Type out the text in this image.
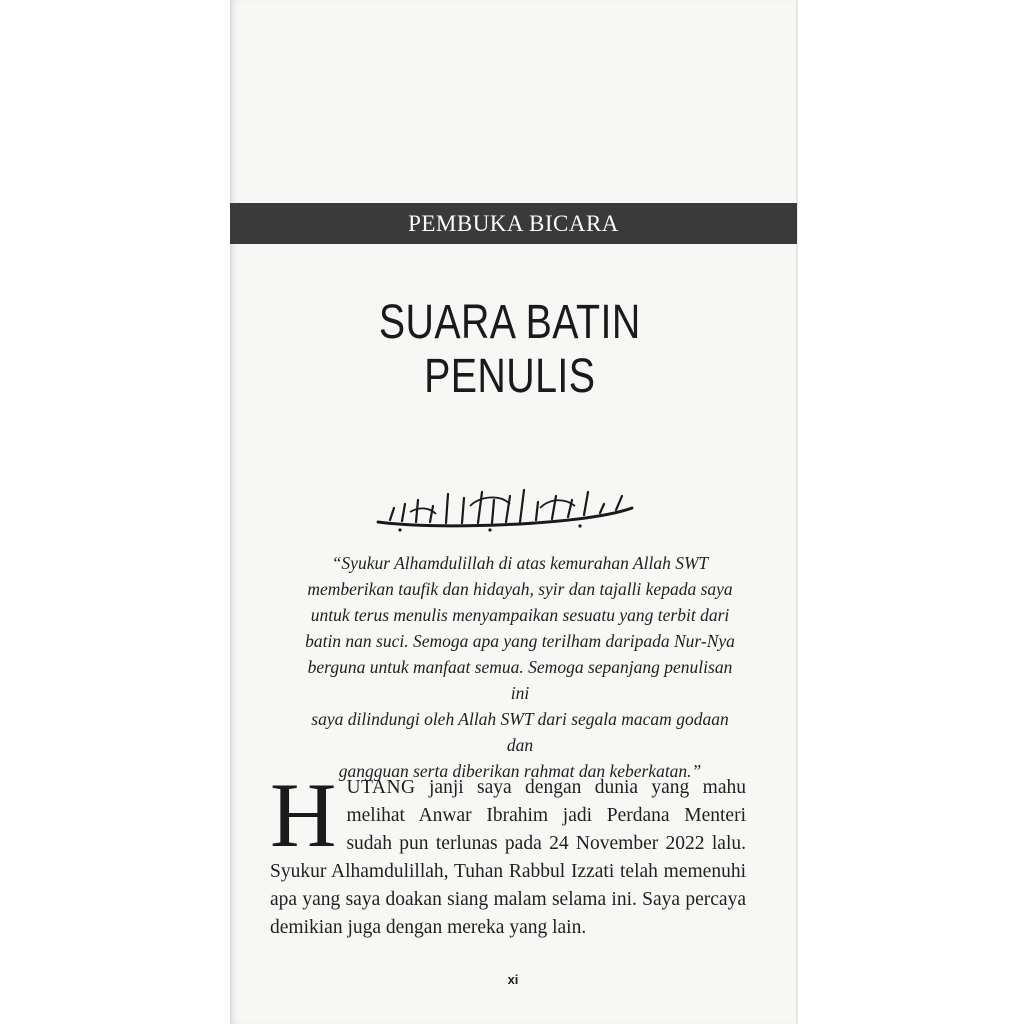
PEMBUKA BICARA
SUARA BATIN
PENULIS
“Syukur Alhamdulillah di atas kemurahan Allah SWT
memberikan taufik dan hidayah, syir dan tajalli kepada saya
untuk terus menulis menyampaikan sesuatu yang terbit dari
batin nan suci. Semoga apa yang terilham daripada Nur-Nya
berguna untuk manfaat semua. Semoga sepanjang penulisan ini
saya dilindungi oleh Allah SWT dari segala macam godaan dan
gangguan serta diberikan rahmat dan keberkatan.”
HUTANG janji saya dengan dunia yang mahu melihat Anwar Ibrahim jadi Perdana Menteri sudah pun terlunas pada 24 November 2022 lalu. Syukur Alhamdulillah, Tuhan Rabbul Izzati telah memenuhi apa yang saya doakan siang malam selama ini. Saya percaya demikian juga dengan mereka yang lain.
xi
